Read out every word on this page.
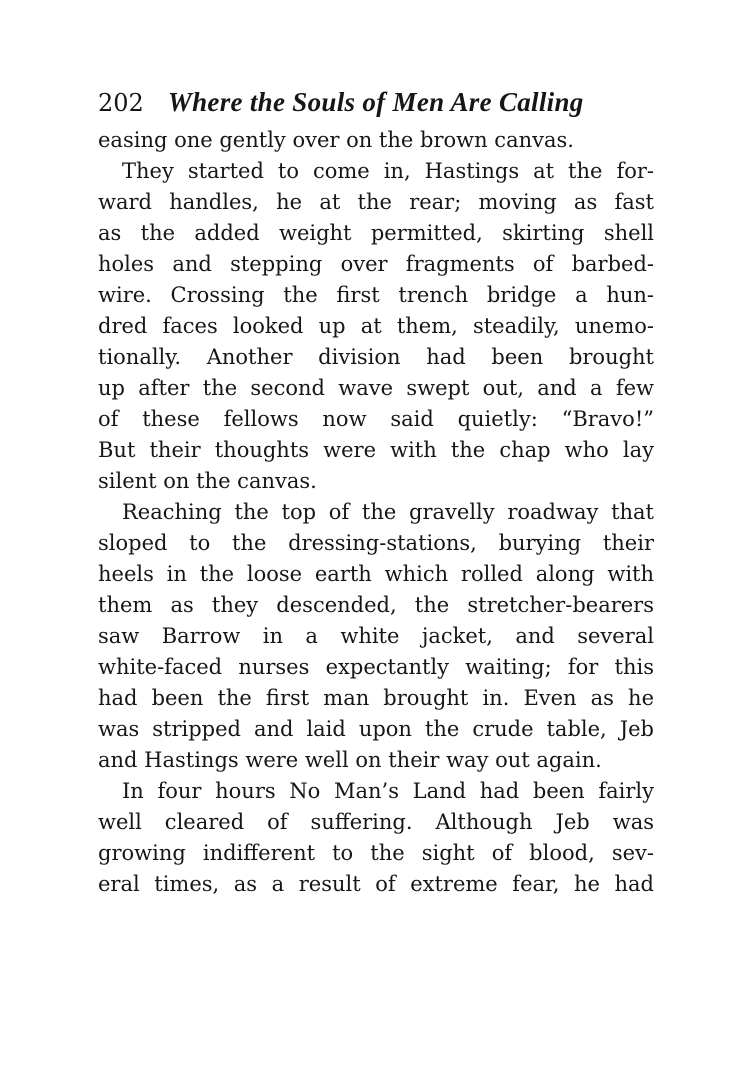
202 Where the Souls of Men Are Calling
easing one gently over on the brown canvas.
They started to come in, Hastings at the for-
ward handles, he at the rear; moving as fast
as the added weight permitted, skirting shell
holes and stepping over fragments of barbed-
wire. Crossing the first trench bridge a hun-
dred faces looked up at them, steadily, unemo-
tionally. Another division had been brought
up after the second wave swept out, and a few
of these fellows now said quietly: “Bravo!”
But their thoughts were with the chap who lay
silent on the canvas.
Reaching the top of the gravelly roadway that
sloped to the dressing-stations, burying their
heels in the loose earth which rolled along with
them as they descended, the stretcher-bearers
saw Barrow in a white jacket, and several
white-faced nurses expectantly waiting; for this
had been the first man brought in. Even as he
was stripped and laid upon the crude table, Jeb
and Hastings were well on their way out again.
In four hours No Man’s Land had been fairly
well cleared of suffering. Although Jeb was
growing indifferent to the sight of blood, sev-
eral times, as a result of extreme fear, he had
